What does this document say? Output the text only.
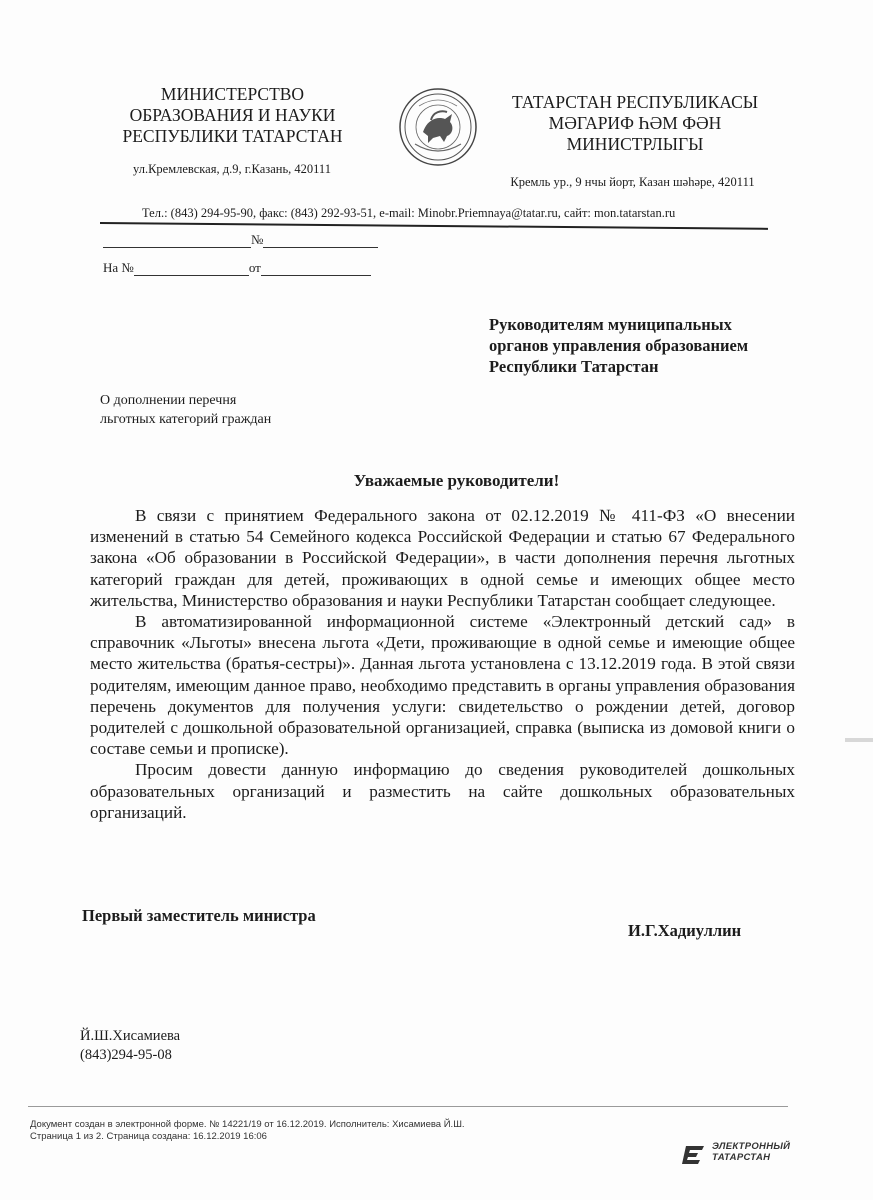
МИНИСТЕРСТВО
ОБРАЗОВАНИЯ И НАУКИ
РЕСПУБЛИКИ ТАТАРСТАН
ул.Кремлевская, д.9, г.Казань, 420111
ТАТАРСТАН РЕСПУБЛИКАСЫ
МӘГАРИФ ҺӘМ ФӘН
МИНИСТРЛЫГЫ
Кремль ур., 9 нчы йорт, Казан шәһәре, 420111
Тел.: (843) 294-95-90, факс: (843) 292-93-51, e-mail: Minobr.Priemnaya@tatar.ru, сайт: mon.tatarstan.ru
№
На №	от
Руководителям муниципальных
органов управления образованием
Республики Татарстан
О дополнении перечня
льготных категорий граждан
Уважаемые руководители!

В связи с принятием Федерального закона от 02.12.2019 № 411-ФЗ «О внесении изменений в статью 54 Семейного кодекса Российской Федерации и статью 67 Федерального закона «Об образовании в Российской Федерации», в части дополнения перечня льготных категорий граждан для детей, проживающих в одной семье и имеющих общее место жительства, Министерство образования и науки Республики Татарстан сообщает следующее.

В автоматизированной информационной системе «Электронный детский сад» в справочник «Льготы» внесена льгота «Дети, проживающие в одной семье и имеющие общее место жительства (братья-сестры)». Данная льгота установлена с 13.12.2019 года. В этой связи родителям, имеющим данное право, необходимо представить в органы управления образования перечень документов для получения услуги: свидетельство о рождении детей, договор родителей с дошкольной образовательной организацией, справка (выписка из домовой книги о составе семьи и прописке).

Просим довести данную информацию до сведения руководителей дошкольных образовательных организаций и разместить на сайте дошкольных образовательных организаций.

Первый заместитель министра
И.Г.Хадиуллин
Й.Ш.Хисамиева
(843)294-95-08
Документ создан в электронной форме. № 14221/19 от 16.12.2019. Исполнитель: Хисамиева Й.Ш.
Страница 1 из 2. Страница создана: 16.12.2019 16:06
ЭЛЕКТРОННЫЙ
ТАТАРСТАН
